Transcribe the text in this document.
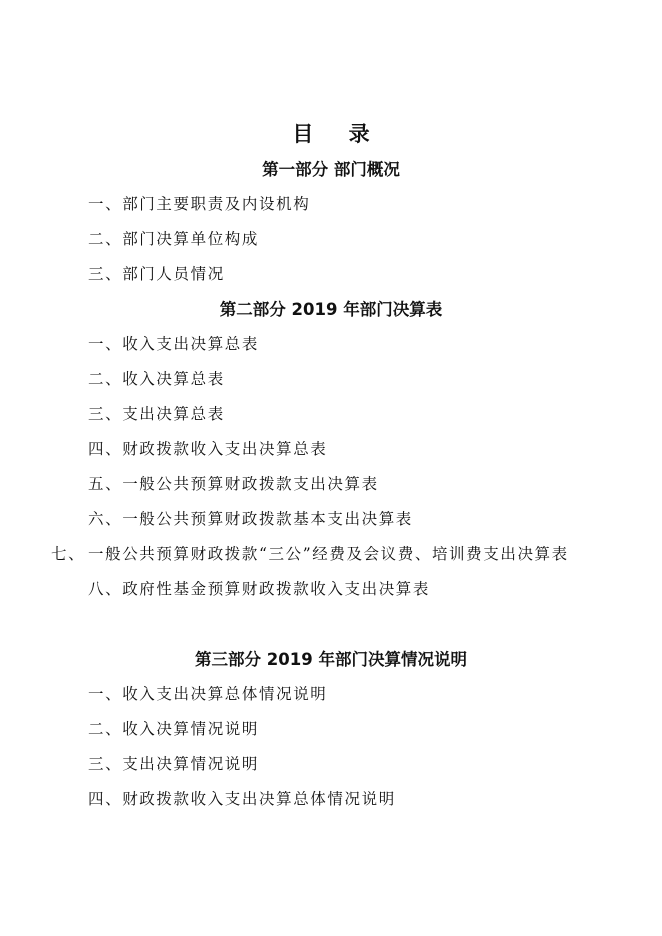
目 录
第一部分 部门概况
一、部门主要职责及内设机构
二、部门决算单位构成
三、部门人员情况
第二部分 2019 年部门决算表
一、收入支出决算总表
二、收入决算总表
三、支出决算总表
四、财政拨款收入支出决算总表
五、一般公共预算财政拨款支出决算表
六、一般公共预算财政拨款基本支出决算表
七、 一般公共预算财政拨款“三公”经费及会议费、培训费支出决算表
八、政府性基金预算财政拨款收入支出决算表
第三部分 2019 年部门决算情况说明
一、收入支出决算总体情况说明
二、收入决算情况说明
三、支出决算情况说明
四、财政拨款收入支出决算总体情况说明
